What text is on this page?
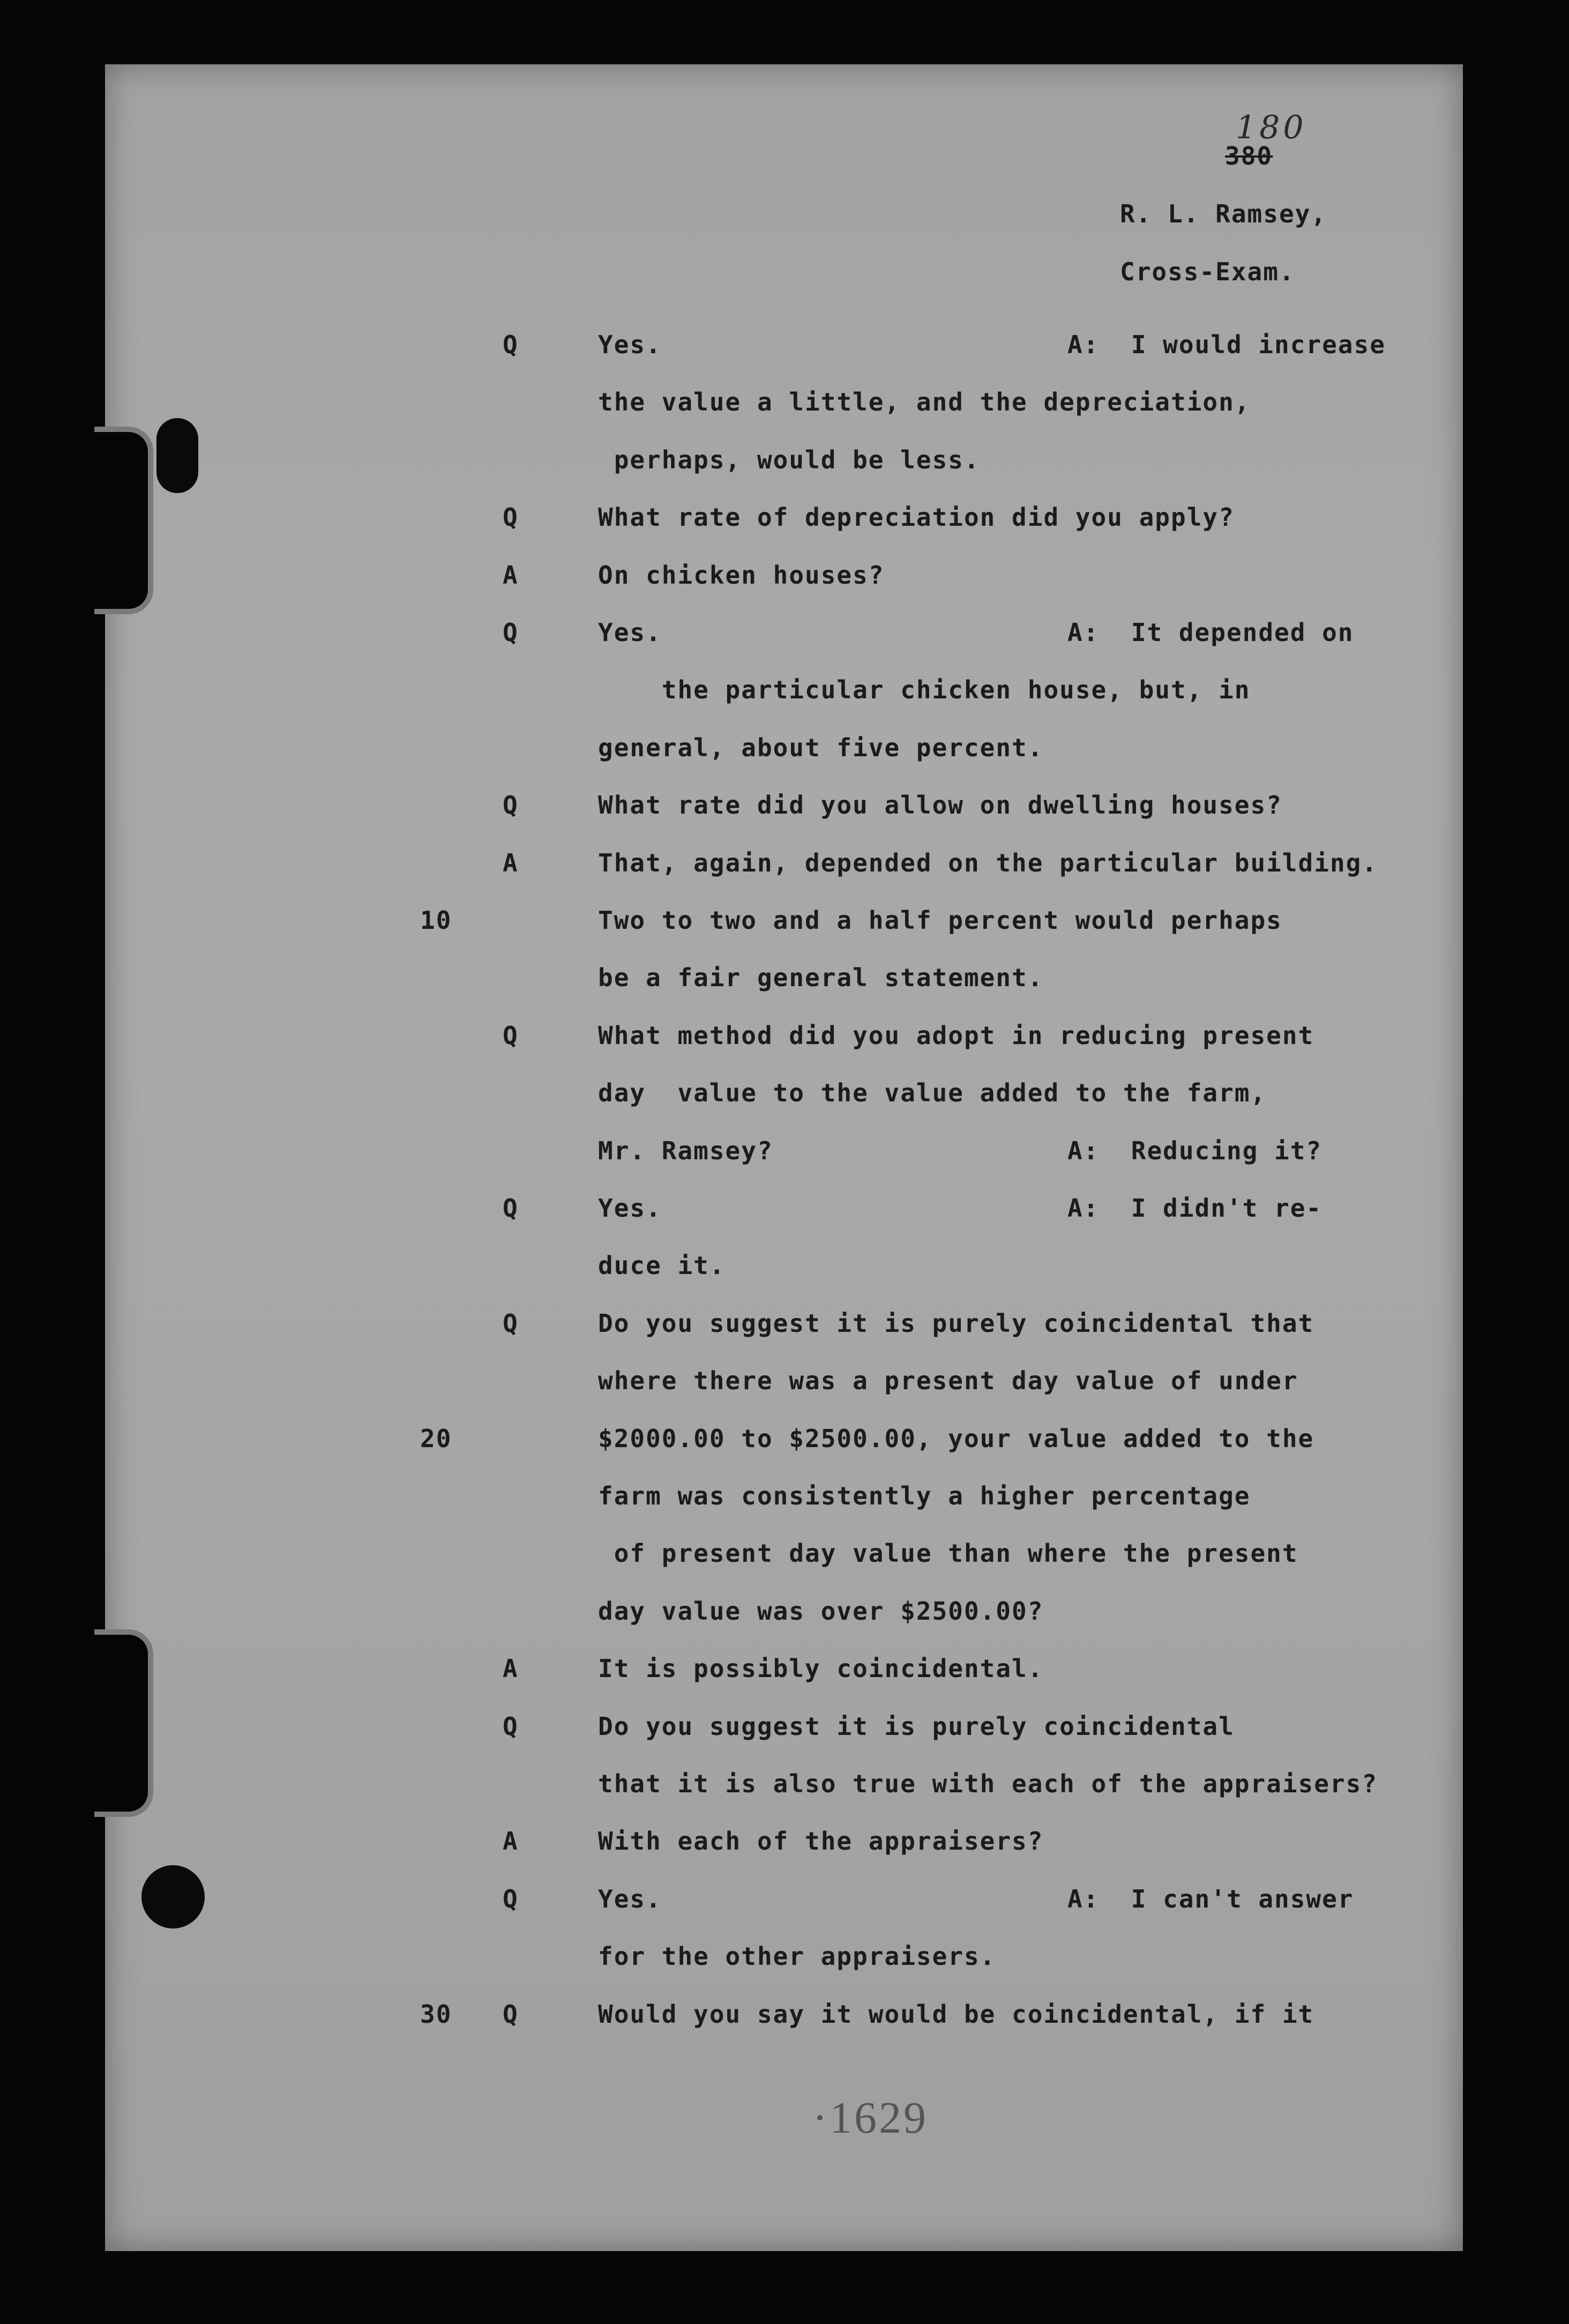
180

380

R. L. Ramsey,

Cross-Exam.

Q	Yes.	A:  I would increase

the value a little, and the depreciation,

perhaps, would be less.

Q	What rate of depreciation did you apply?

A	On chicken houses?

Q	Yes.	A:  It depended on

the particular chicken house, but, in

general, about five percent.

Q	What rate did you allow on dwelling houses?

A	That, again, depended on the particular building.

10	Two to two and a half percent would perhaps

be a fair general statement.

Q	What method did you adopt in reducing present

day  value to the value added to the farm,

Mr. Ramsey?	A:  Reducing it?

Q	Yes.	A:  I didn't re-

duce it.

Q	Do you suggest it is purely coincidental that

where there was a present day value of under

20	$2000.00 to $2500.00, your value added to the

farm was consistently a higher percentage

of present day value than where the present

day value was over $2500.00?

A	It is possibly coincidental.

Q	Do you suggest it is purely coincidental

that it is also true with each of the appraisers?

A	With each of the appraisers?

Q	Yes.	A:  I can't answer

for the other appraisers.

30 Q	Would you say it would be coincidental, if it

·1629
